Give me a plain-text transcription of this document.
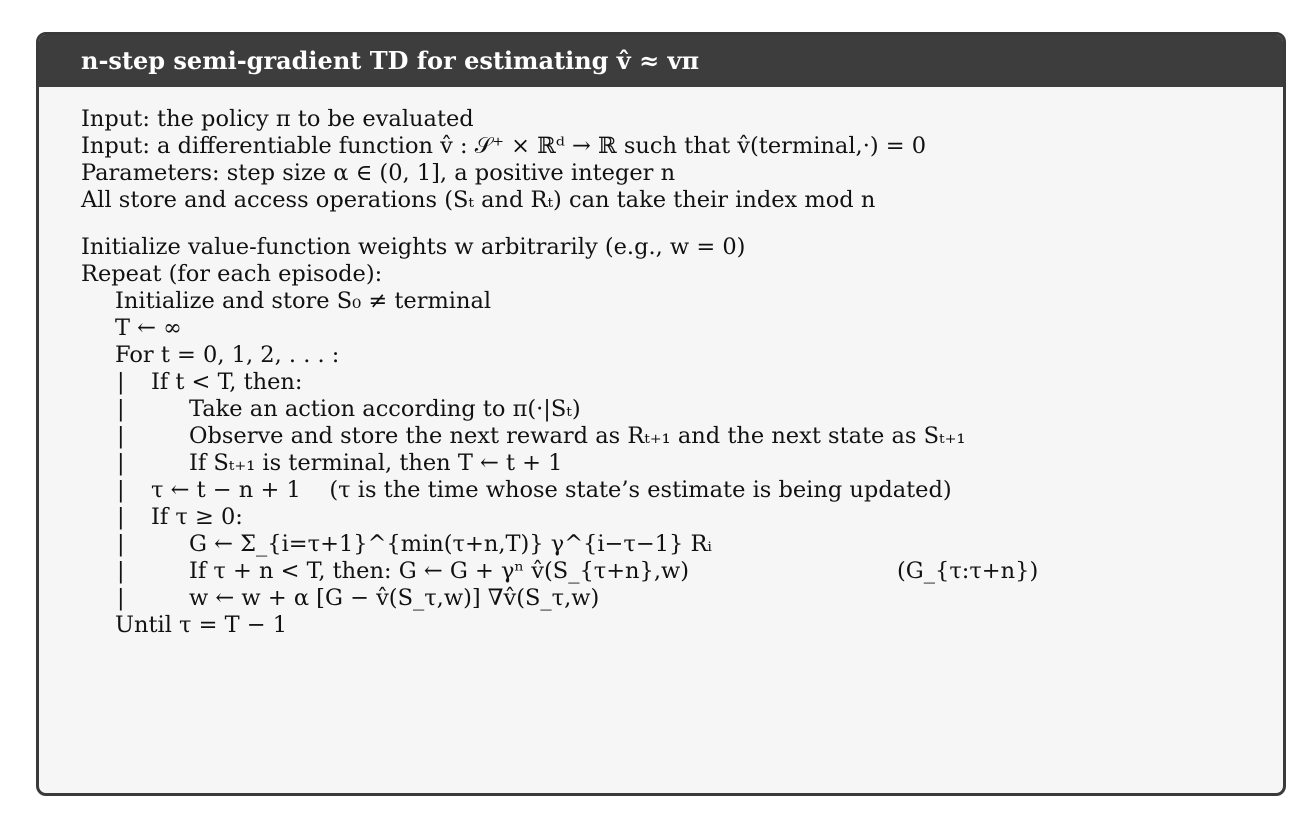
n-step semi-gradient TD for estimating v̂ ≈ vπ
Input: the policy π to be evaluated
Input: a differentiable function v̂ : 𝒮⁺ × ℝᵈ → ℝ such that v̂(terminal,·) = 0
Parameters: step size α ∈ (0, 1], a positive integer n
All store and access operations (Sₜ and Rₜ) can take their index mod n
Initialize value-function weights w arbitrarily (e.g., w = 0)
Repeat (for each episode):
Initialize and store S₀ ≠ terminal
T ← ∞
For t = 0, 1, 2, . . . :
|	If t < T, then:
|	Take an action according to π(·|Sₜ)
|	Observe and store the next reward as Rₜ₊₁ and the next state as Sₜ₊₁
|	If Sₜ₊₁ is terminal, then T ← t + 1
|	τ ← t − n + 1    (τ is the time whose state’s estimate is being updated)
|	If τ ≥ 0:
|	G ← Σ_{i=τ+1}^{min(τ+n,T)} γ^{i−τ−1} Rᵢ
|	If τ + n < T, then: G ← G + γⁿ v̂(S_{τ+n},w)	(G_{τ:τ+n})
|	w ← w + α [G − v̂(S_τ,w)] ∇v̂(S_τ,w)
Until τ = T − 1
